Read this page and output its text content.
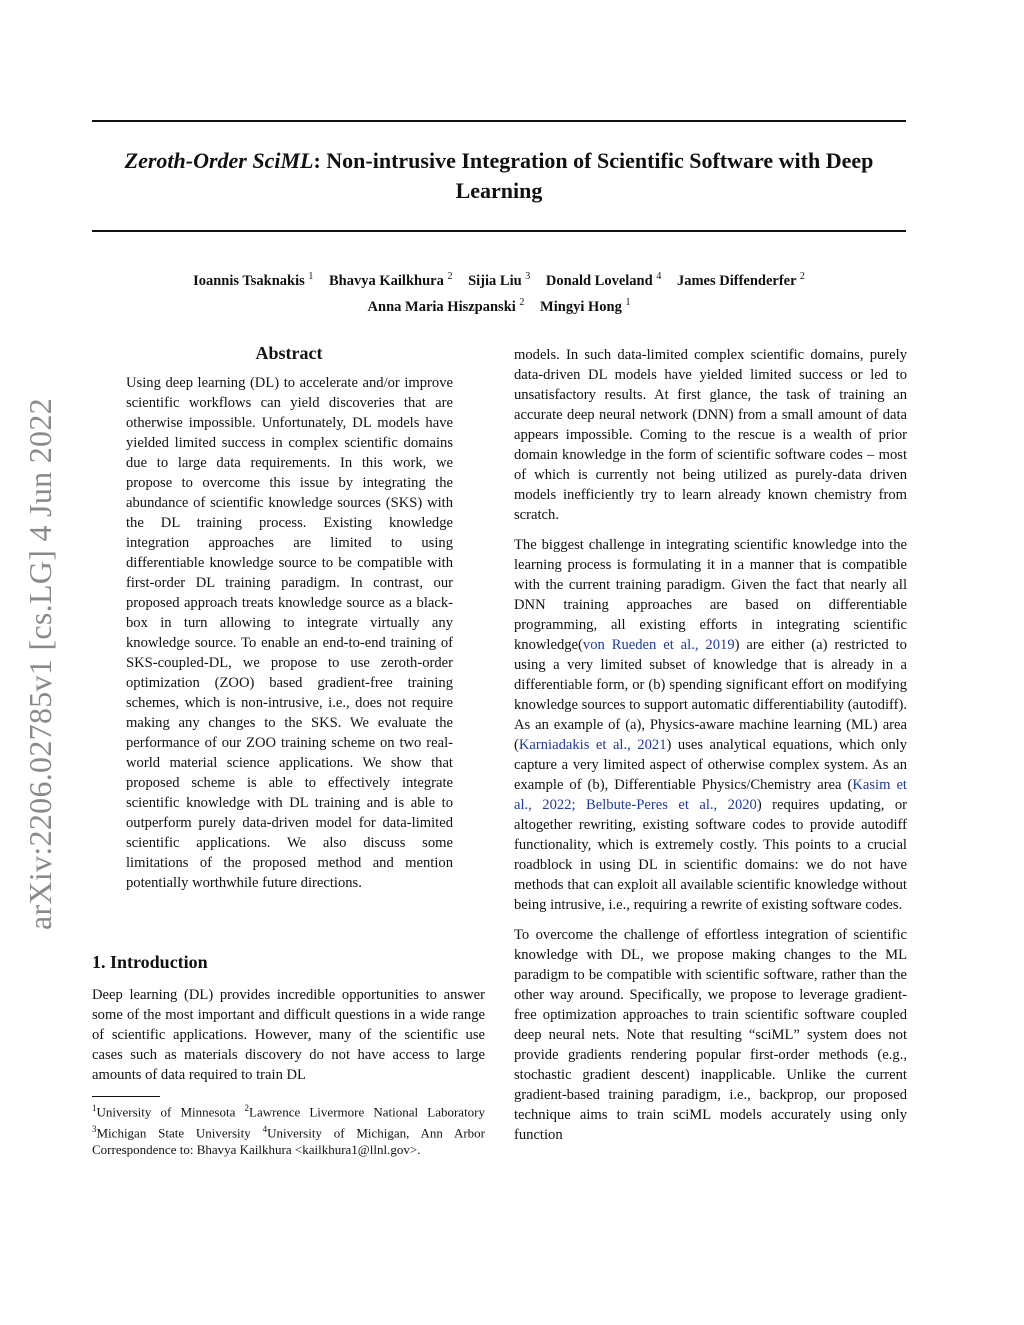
Zeroth-Order SciML: Non-intrusive Integration of Scientific Software with Deep Learning
Ioannis Tsaknakis $^1$ Bhavya Kailkhura $^2$ Sijia Liu $^3$ Donald Loveland $^4$ James Diffenderfer $^2$
Anna Maria Hiszpanski $^2$ Mingyi Hong $^1$
arXiv:2206.02785v1 [cs.LG] 4 Jun 2022
Abstract
Using deep learning (DL) to accelerate and/or improve scientific workflows can yield discoveries that are otherwise impossible. Unfortunately, DL models have yielded limited success in complex scientific domains due to large data requirements. In this work, we propose to overcome this issue by integrating the abundance of scientific knowledge sources (SKS) with the DL training process. Existing knowledge integration approaches are limited to using differentiable knowledge source to be compatible with first-order DL training paradigm. In contrast, our proposed approach treats knowledge source as a black-box in turn allowing to integrate virtually any knowledge source. To enable an end-to-end training of SKS-coupled-DL, we propose to use zeroth-order optimization (ZOO) based gradient-free training schemes, which is non-intrusive, i.e., does not require making any changes to the SKS. We evaluate the performance of our ZOO training scheme on two real-world material science applications. We show that proposed scheme is able to effectively integrate scientific knowledge with DL training and is able to outperform purely data-driven model for data-limited scientific applications. We also discuss some limitations of the proposed method and mention potentially worthwhile future directions.
1. Introduction
Deep learning (DL) provides incredible opportunities to answer some of the most important and difficult questions in a wide range of scientific applications. However, many of the scientific use cases such as materials discovery do not have access to large amounts of data required to train DL
$^1$University of Minnesota $^2$Lawrence Livermore National Laboratory $^3$Michigan State University $^4$University of Michigan, Ann Arbor Correspondence to: Bhavya Kailkhura <kailkhura1@llnl.gov>.

models. In such data-limited complex scientific domains, purely data-driven DL models have yielded limited success or led to unsatisfactory results. At first glance, the task of training an accurate deep neural network (DNN) from a small amount of data appears impossible. Coming to the rescue is a wealth of prior domain knowledge in the form of scientific software codes – most of which is currently not being utilized as purely-data driven models inefficiently try to learn already known chemistry from scratch.

The biggest challenge in integrating scientific knowledge into the learning process is formulating it in a manner that is compatible with the current training paradigm. Given the fact that nearly all DNN training approaches are based on differentiable programming, all existing efforts in integrating scientific knowledge(von Rueden et al., 2019) are either (a) restricted to using a very limited subset of knowledge that is already in a differentiable form, or (b) spending significant effort on modifying knowledge sources to support automatic differentiability (autodiff). As an example of (a), Physics-aware machine learning (ML) area (Karniadakis et al., 2021) uses analytical equations, which only capture a very limited aspect of otherwise complex system. As an example of (b), Differentiable Physics/Chemistry area (Kasim et al., 2022; Belbute-Peres et al., 2020) requires updating, or altogether rewriting, existing software codes to provide autodiff functionality, which is extremely costly. This points to a crucial roadblock in using DL in scientific domains: we do not have methods that can exploit all available scientific knowledge without being intrusive, i.e., requiring a rewrite of existing software codes.

To overcome the challenge of effortless integration of scientific knowledge with DL, we propose making changes to the ML paradigm to be compatible with scientific software, rather than the other way around. Specifically, we propose to leverage gradient-free optimization approaches to train scientific software coupled deep neural nets. Note that resulting “sciML” system does not provide gradients rendering popular first-order methods (e.g., stochastic gradient descent) inapplicable. Unlike the current gradient-based training paradigm, i.e., backprop, our proposed technique aims to train sciML models accurately using only function
